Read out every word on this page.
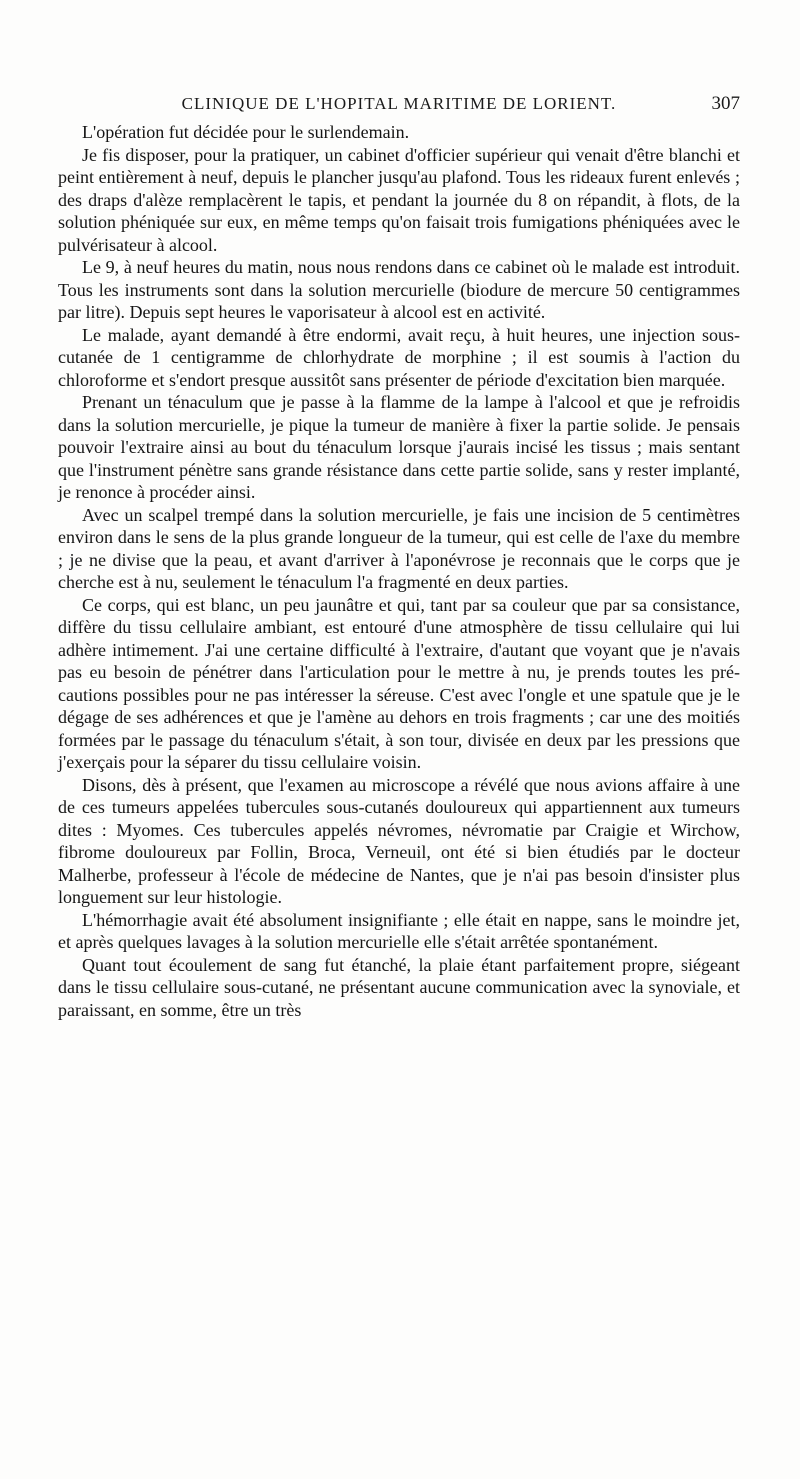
CLINIQUE DE L'HOPITAL MARITIME DE LORIENT.	307

L'opération fut décidée pour le surlendemain.

Je fis disposer, pour la pratiquer, un cabinet d'officier supérieur qui venait d'être blanchi et peint entièrement à neuf, depuis le plancher jusqu'au plafond. Tous les rideaux furent enlevés ; des draps d'alèze remplacèrent le tapis, et pendant la journée du 8 on répandit, à flots, de la solution phéniquée sur eux, en même temps qu'on faisait trois fumigations phéniquées avec le pulvérisateur à alcool.

Le 9, à neuf heures du matin, nous nous rendons dans ce cabinet où le malade est introduit. Tous les instruments sont dans la solution mercurielle (biodure de mercure 50 centigrammes par litre). Depuis sept heures le vaporisateur à alcool est en activité.

Le malade, ayant demandé à être endormi, avait reçu, à huit heures, une injection sous-cutanée de 1 centigramme de chlorhydrate de morphine ; il est soumis à l'action du chloroforme et s'endort presque aussitôt sans présenter de période d'excitation bien marquée.

Prenant un ténaculum que je passe à la flamme de la lampe à l'alcool et que je refroidis dans la solution mercurielle, je pique la tumeur de manière à fixer la partie solide. Je pensais pouvoir l'extraire ainsi au bout du ténaculum lorsque j'aurais incisé les tissus ; mais sentant que l'instrument pénètre sans grande résistance dans cette partie solide, sans y rester implanté, je renonce à procéder ainsi.

Avec un scalpel trempé dans la solution mercurielle, je fais une incision de 5 centimètres environ dans le sens de la plus grande longueur de la tumeur, qui est celle de l'axe du membre ; je ne divise que la peau, et avant d'arriver à l'aponévrose je reconnais que le corps que je cherche est à nu, seulement le ténaculum l'a fragmenté en deux parties.

Ce corps, qui est blanc, un peu jaunâtre et qui, tant par sa couleur que par sa consistance, diffère du tissu cellulaire ambiant, est entouré d'une atmosphère de tissu cellulaire qui lui adhère intimement. J'ai une certaine difficulté à l'extraire, d'autant que voyant que je n'avais pas eu besoin de pénétrer dans l'articulation pour le mettre à nu, je prends toutes les précautions possibles pour ne pas intéresser la séreuse. C'est avec l'ongle et une spatule que je le dégage de ses adhérences et que je l'amène au dehors en trois fragments ; car une des moitiés formées par le passage du ténaculum s'était, à son tour, divisée en deux par les pressions que j'exerçais pour la séparer du tissu cellulaire voisin.

Disons, dès à présent, que l'examen au microscope a révélé que nous avions affaire à une de ces tumeurs appelées tubercules sous-cutanés douloureux qui appartiennent aux tumeurs dites : Myomes. Ces tubercules appelés névromes, névromatie par Craigie et Wirchow, fibrome douloureux par Follin, Broca, Verneuil, ont été si bien étudiés par le docteur Malherbe, professeur à l'école de médecine de Nantes, que je n'ai pas besoin d'insister plus longuement sur leur histologie.

L'hémorrhagie avait été absolument insignifiante ; elle était en nappe, sans le moindre jet, et après quelques lavages à la solution mercurielle elle s'était arrêtée spontanément.

Quant tout écoulement de sang fut étanché, la plaie étant parfaitement propre, siégeant dans le tissu cellulaire sous-cutané, ne présentant aucune communication avec la synoviale, et paraissant, en somme, être un très
